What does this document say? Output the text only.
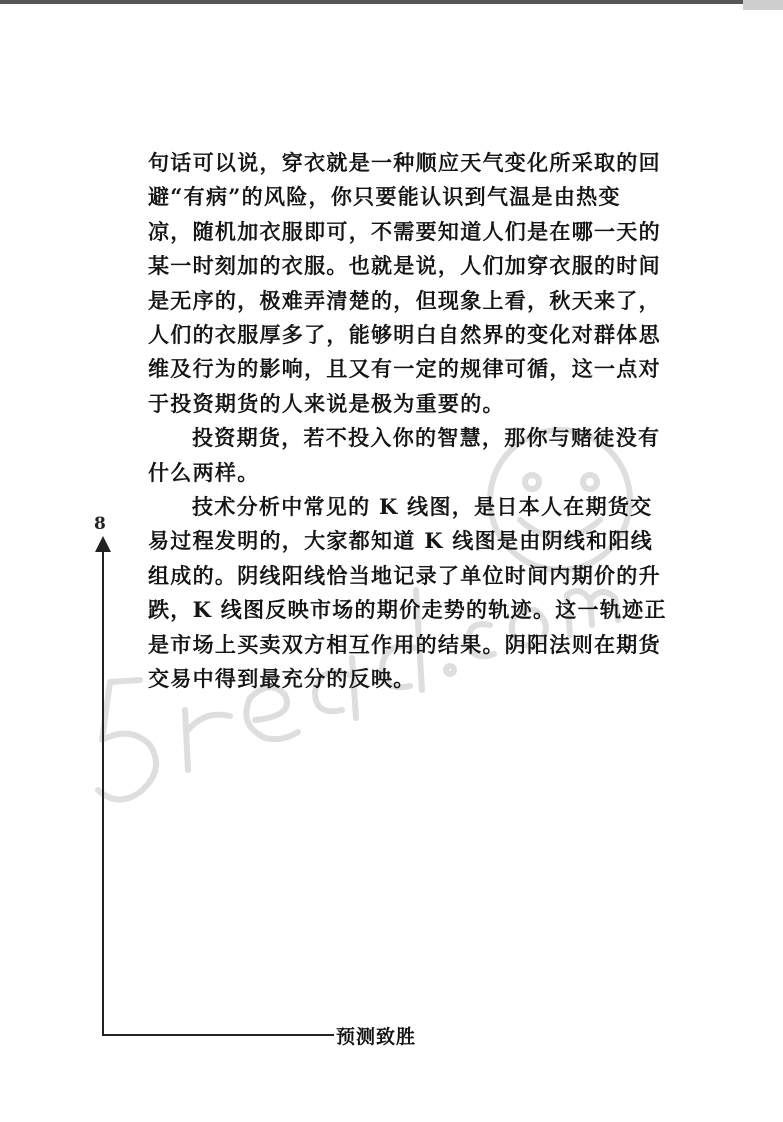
句话可以说，穿衣就是一种顺应天气变化所采取的回
避“有病”的风险，你只要能认识到气温是由热变
凉，随机加衣服即可，不需要知道人们是在哪一天的
某一时刻加的衣服。也就是说，人们加穿衣服的时间
是无序的，极难弄清楚的，但现象上看，秋天来了，
人们的衣服厚多了，能够明白自然界的变化对群体思
维及行为的影响，且又有一定的规律可循，这一点对
于投资期货的人来说是极为重要的。
投资期货，若不投入你的智慧，那你与赌徒没有
什么两样。
技术分析中常见的 K 线图，是日本人在期货交
易过程发明的，大家都知道 K 线图是由阴线和阳线
组成的。阴线阳线恰当地记录了单位时间内期价的升
跌，K 线图反映市场的期价走势的轨迹。这一轨迹正
是市场上买卖双方相互作用的结果。阴阳法则在期货
交易中得到最充分的反映。
8
预测致胜
